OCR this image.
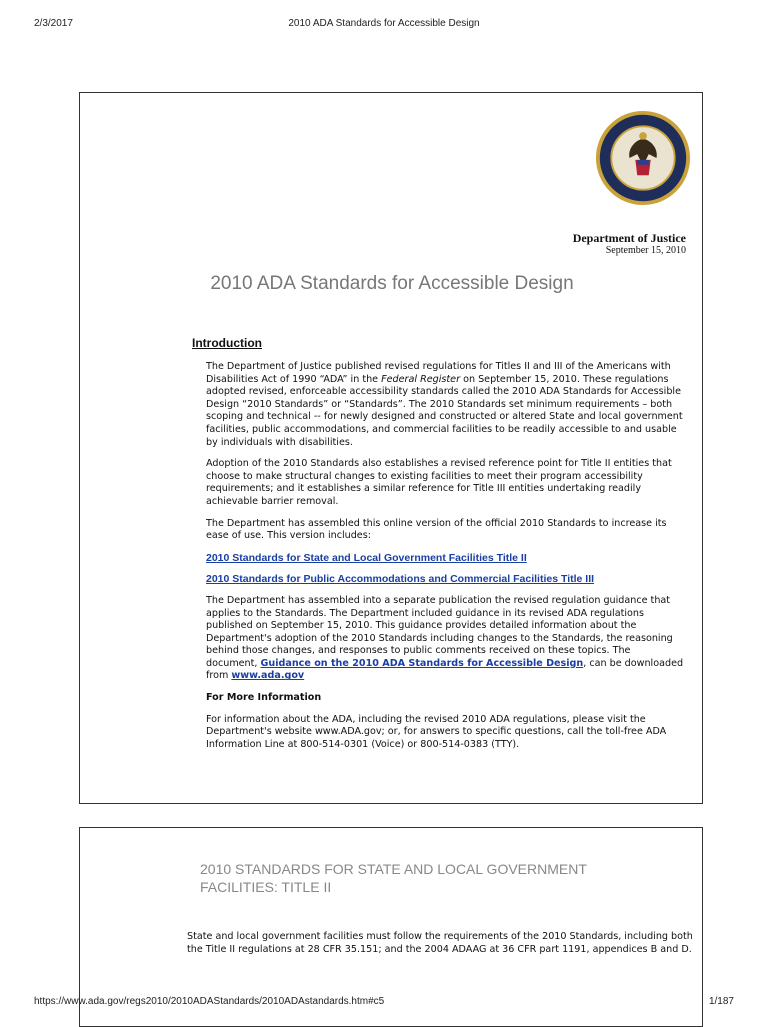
2/3/2017	2010 ADA Standards for Accessible Design
Department of Justice
September 15, 2010
2010 ADA Standards for Accessible Design
Introduction

The Department of Justice published revised regulations for Titles II and III of the Americans with Disabilities Act of 1990 “ADA” in the Federal Register on September 15, 2010. These regulations adopted revised, enforceable accessibility standards called the 2010 ADA Standards for Accessible Design “2010 Standards” or “Standards”. The 2010 Standards set minimum requirements – both scoping and technical -- for newly designed and constructed or altered State and local government facilities, public accommodations, and commercial facilities to be readily accessible to and usable by individuals with disabilities.

Adoption of the 2010 Standards also establishes a revised reference point for Title II entities that choose to make structural changes to existing facilities to meet their program accessibility requirements; and it establishes a similar reference for Title III entities undertaking readily achievable barrier removal.

The Department has assembled this online version of the official 2010 Standards to increase its ease of use. This version includes:

2010 Standards for State and Local Government Facilities Title II

2010 Standards for Public Accommodations and Commercial Facilities Title III

The Department has assembled into a separate publication the revised regulation guidance that applies to the Standards. The Department included guidance in its revised ADA regulations published on September 15, 2010. This guidance provides detailed information about the Department's adoption of the 2010 Standards including changes to the Standards, the reasoning behind those changes, and responses to public comments received on these topics. The document, Guidance on the 2010 ADA Standards for Accessible Design, can be downloaded from www.ada.gov

For More Information

For information about the ADA, including the revised 2010 ADA regulations, please visit the Department's website www.ADA.gov; or, for answers to specific questions, call the toll-free ADA Information Line at 800-514-0301 (Voice) or 800-514-0383 (TTY).

2010 STANDARDS FOR STATE AND LOCAL GOVERNMENT FACILITIES: TITLE II
State and local government facilities must follow the requirements of the 2010 Standards, including both the Title II regulations at 28 CFR 35.151; and the 2004 ADAAG at 36 CFR part 1191, appendices B and D.
https://www.ada.gov/regs2010/2010ADAStandards/2010ADAstandards.htm#c5	1/187
